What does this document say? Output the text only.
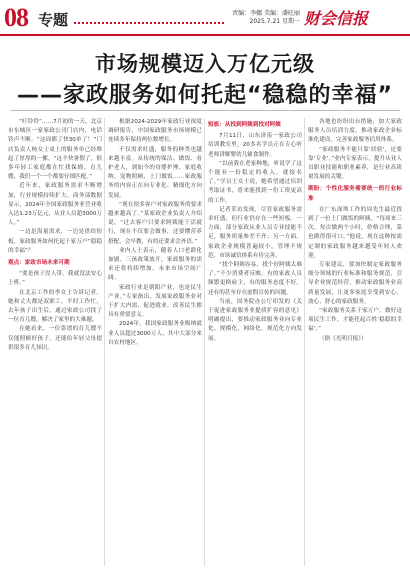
08 专题	责编：李娜 美编：潘旺丽
2025.7.21 星期一 财会信报
市场规模迈入万亿元级
——家政服务如何托起“稳稳的幸福”

“叮铃铃”……7月初的一天，北京市东城区一家家政公司门店内，电话铃声不断。“这周都了快30单了！”门店负责人杨女士桌上的服务单已经堆起了厚厚的一摞。“这不快暑假了，很多年轻工家庭都在忙找保姆、育儿嫂，我们一个一个都要仔细匹配。”

近年来，家政服务需求不断增加，行业规模持续扩大。商务部数据显示，2024年全国家政服务业营业收入达1.23万亿元，从业人员超3000万人。”

一边是海量需求，一边是供给短板，家政服务如何托起千家万户“稳稳的幸福”？

观点：家政市场未来可期

“要是孩子没人带，我就没法安心上班。”

在北京工作的李女士告诉记者，她和丈夫都是双职工，平时工作忙，去年孩子出生后，通过家政公司找了一位育儿嫂，解决了家里的大难题。

在她看来，一位靠谱的育儿嫂不仅能照顾好孩子，还能给年轻父母提供很多育儿知识。

根据2024-2029年家政行业深度调研报告，中国家政服务市场规模已连续多年保持两位数增长。

不仅需求旺盛，服务的种类也越来越丰富。从传统的保洁、做饭、看护老人，到如今的母婴护理、家庭收纳、宠物照顾、上门做饭……家政服务的内容正在向专业化、精细化方向发展。

“现在很多客户对家政服务的要求越来越高了。”某家政企业负责人介绍说，“过去客户只要求阿姨能干活就行，现在不仅要会做事，还要懂营养搭配、会早教，有的还要求会外语。”

业内人士表示，随着人口老龄化加剧、三孩政策放开，家政服务的需求还将持续增加，未来市场空间广阔。

家政行业是朝阳产业，也是民生产业。”专家指出，发展家政服务业对于扩大内需、促进就业、改善民生都具有重要意义。

2024年，我国家政服务业吸纳就业人员超过3000万人，其中大部分来自农村地区。

短板：从找到阿姨到找对阿姨

7月11日，山东济南一家政公司培训教室里，20多名学员正在专心听老师讲解婴幼儿辅食制作。

“以前我在老家种地，听说学了这个能有一份稳定的收入，就报名了。”学员王女士说，她希望通过培训考取证书，将来能找到一份工资更高的工作。

记者采访发现，尽管家政服务需求旺盛，但行业仍存在一些短板。一方面，部分家政从业人员专业技能不足，服务质量参差不齐；另一方面，家政企业规模普遍较小，管理不规范，市场诚信体系有待完善。

“找个阿姨容易，找个好阿姨太难了。”不少消费者反映，有的家政人员频繁更换雇主，有的服务态度不好，还有的甚至存在虚假宣传的问题。

当前，国务院办公厅印发的《关于促进家政服务业提质扩容的意见》明确提出，要推动家政服务业向专业化、规模化、网络化、规范化方向发展。

各地也纷纷出台措施，加大家政服务人员培训力度，推动家政企业标准化建设，完善家政服务信用体系。

“家政服务不能只靠‘经验’，还要靠‘专业’。”业内专家表示，提升从业人员职业技能和职业素养，是行业高质量发展的关键。

期盼：个性化服务需要统一的行业标准

在广东深圳工作的周先生最近找到了一位上门做饭的阿姨。“每周来三次，每次做两个小时，价格合理，菜也做得很可口。”他说，现在这种按需定制的家政服务越来越受年轻人欢迎。

专家建议，要加快制定家政服务细分领域的行业标准和服务规范，引导企业规范经营，推动家政服务业高质量发展，让更多家庭享受到安心、放心、舒心的家政服务。

“家政服务关系千家万户，做好这项民生工作，才能托起百姓‘稳稳的幸福’。”

（据《光明日报》）
